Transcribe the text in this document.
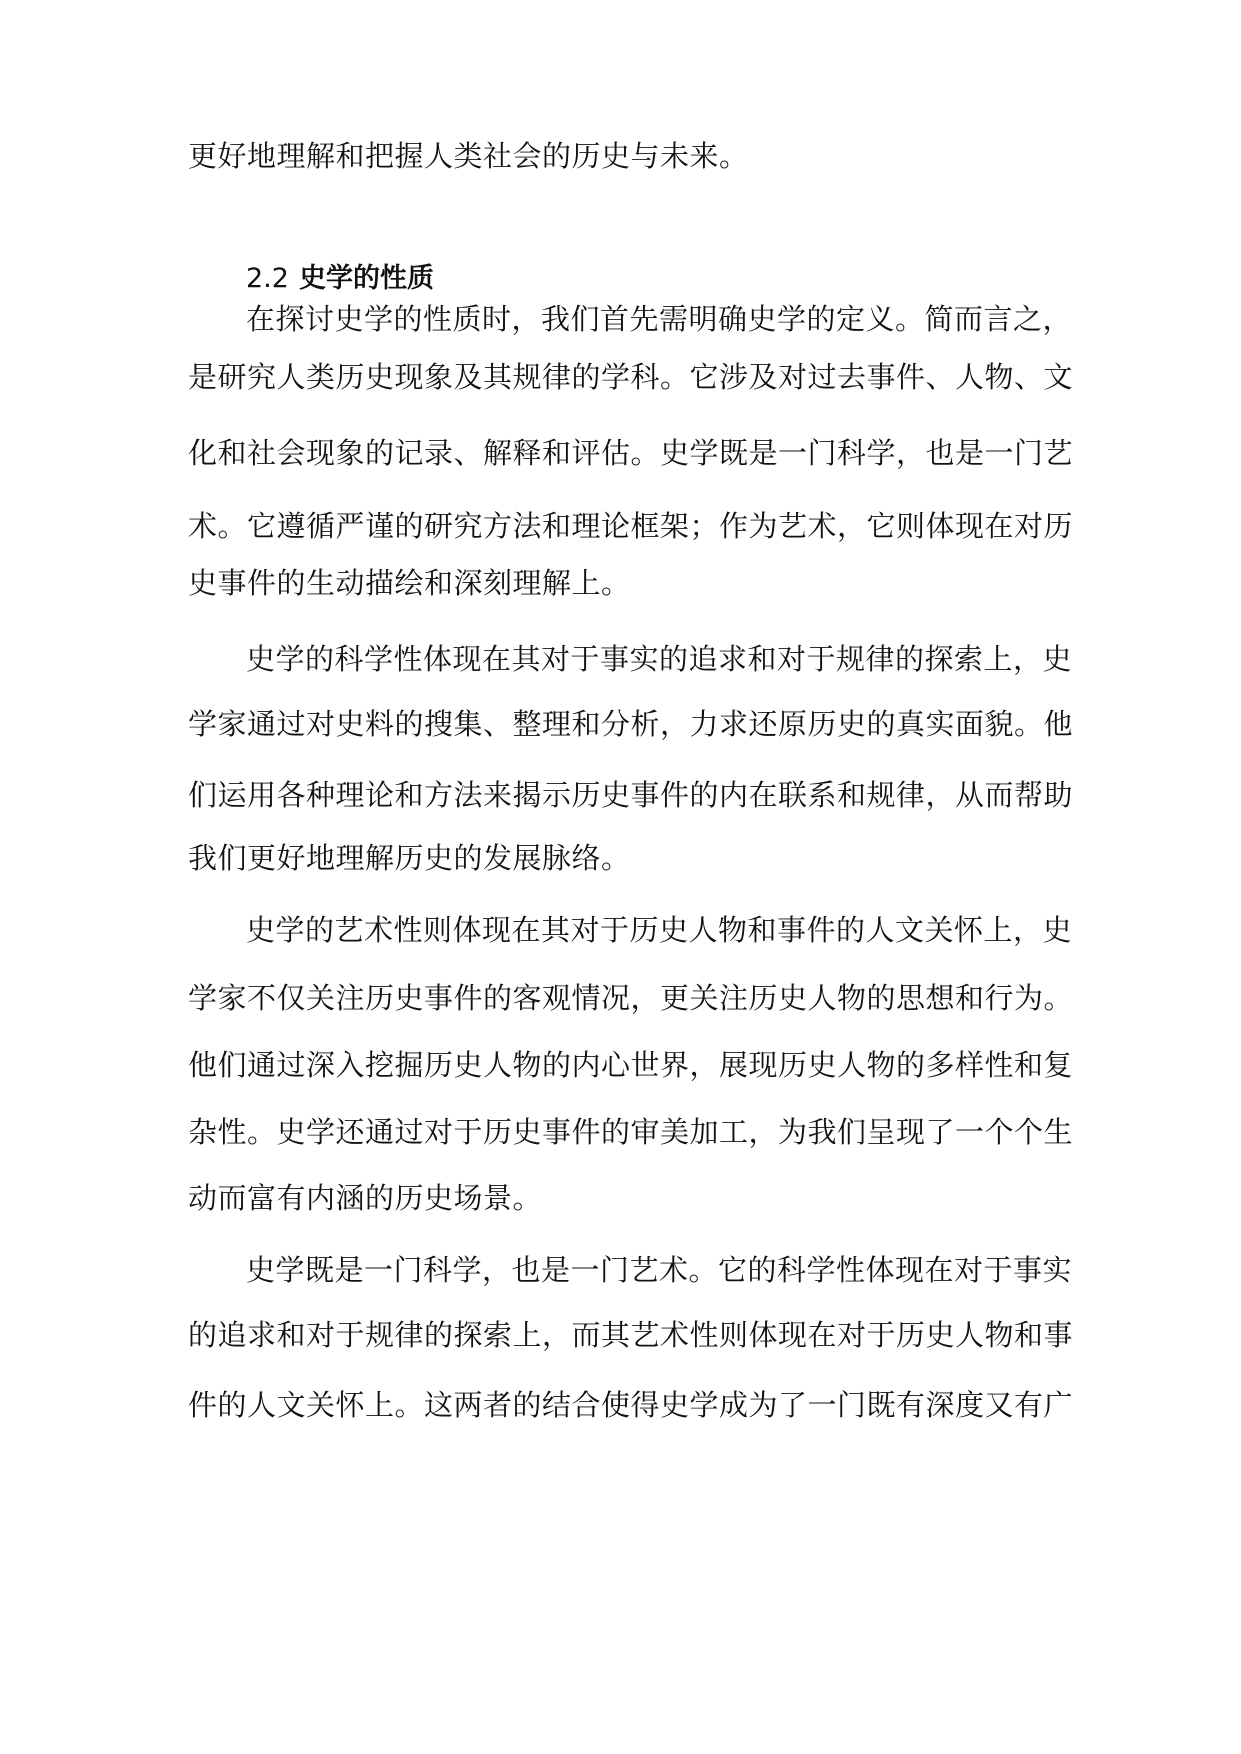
更好地理解和把握人类社会的历史与未来。

2.2 史学的性质

在探讨史学的性质时，我们首先需明确史学的定义。简而言之，

是研究人类历史现象及其规律的学科。它涉及对过去事件、人物、文

化和社会现象的记录、解释和评估。史学既是一门科学，也是一门艺

术。它遵循严谨的研究方法和理论框架；作为艺术，它则体现在对历

史事件的生动描绘和深刻理解上。

史学的科学性体现在其对于事实的追求和对于规律的探索上，史

学家通过对史料的搜集、整理和分析，力求还原历史的真实面貌。他

们运用各种理论和方法来揭示历史事件的内在联系和规律，从而帮助

我们更好地理解历史的发展脉络。

史学的艺术性则体现在其对于历史人物和事件的人文关怀上，史

学家不仅关注历史事件的客观情况，更关注历史人物的思想和行为。

他们通过深入挖掘历史人物的内心世界，展现历史人物的多样性和复

杂性。史学还通过对于历史事件的审美加工，为我们呈现了一个个生

动而富有内涵的历史场景。

史学既是一门科学，也是一门艺术。它的科学性体现在对于事实

的追求和对于规律的探索上，而其艺术性则体现在对于历史人物和事

件的人文关怀上。这两者的结合使得史学成为了一门既有深度又有广
